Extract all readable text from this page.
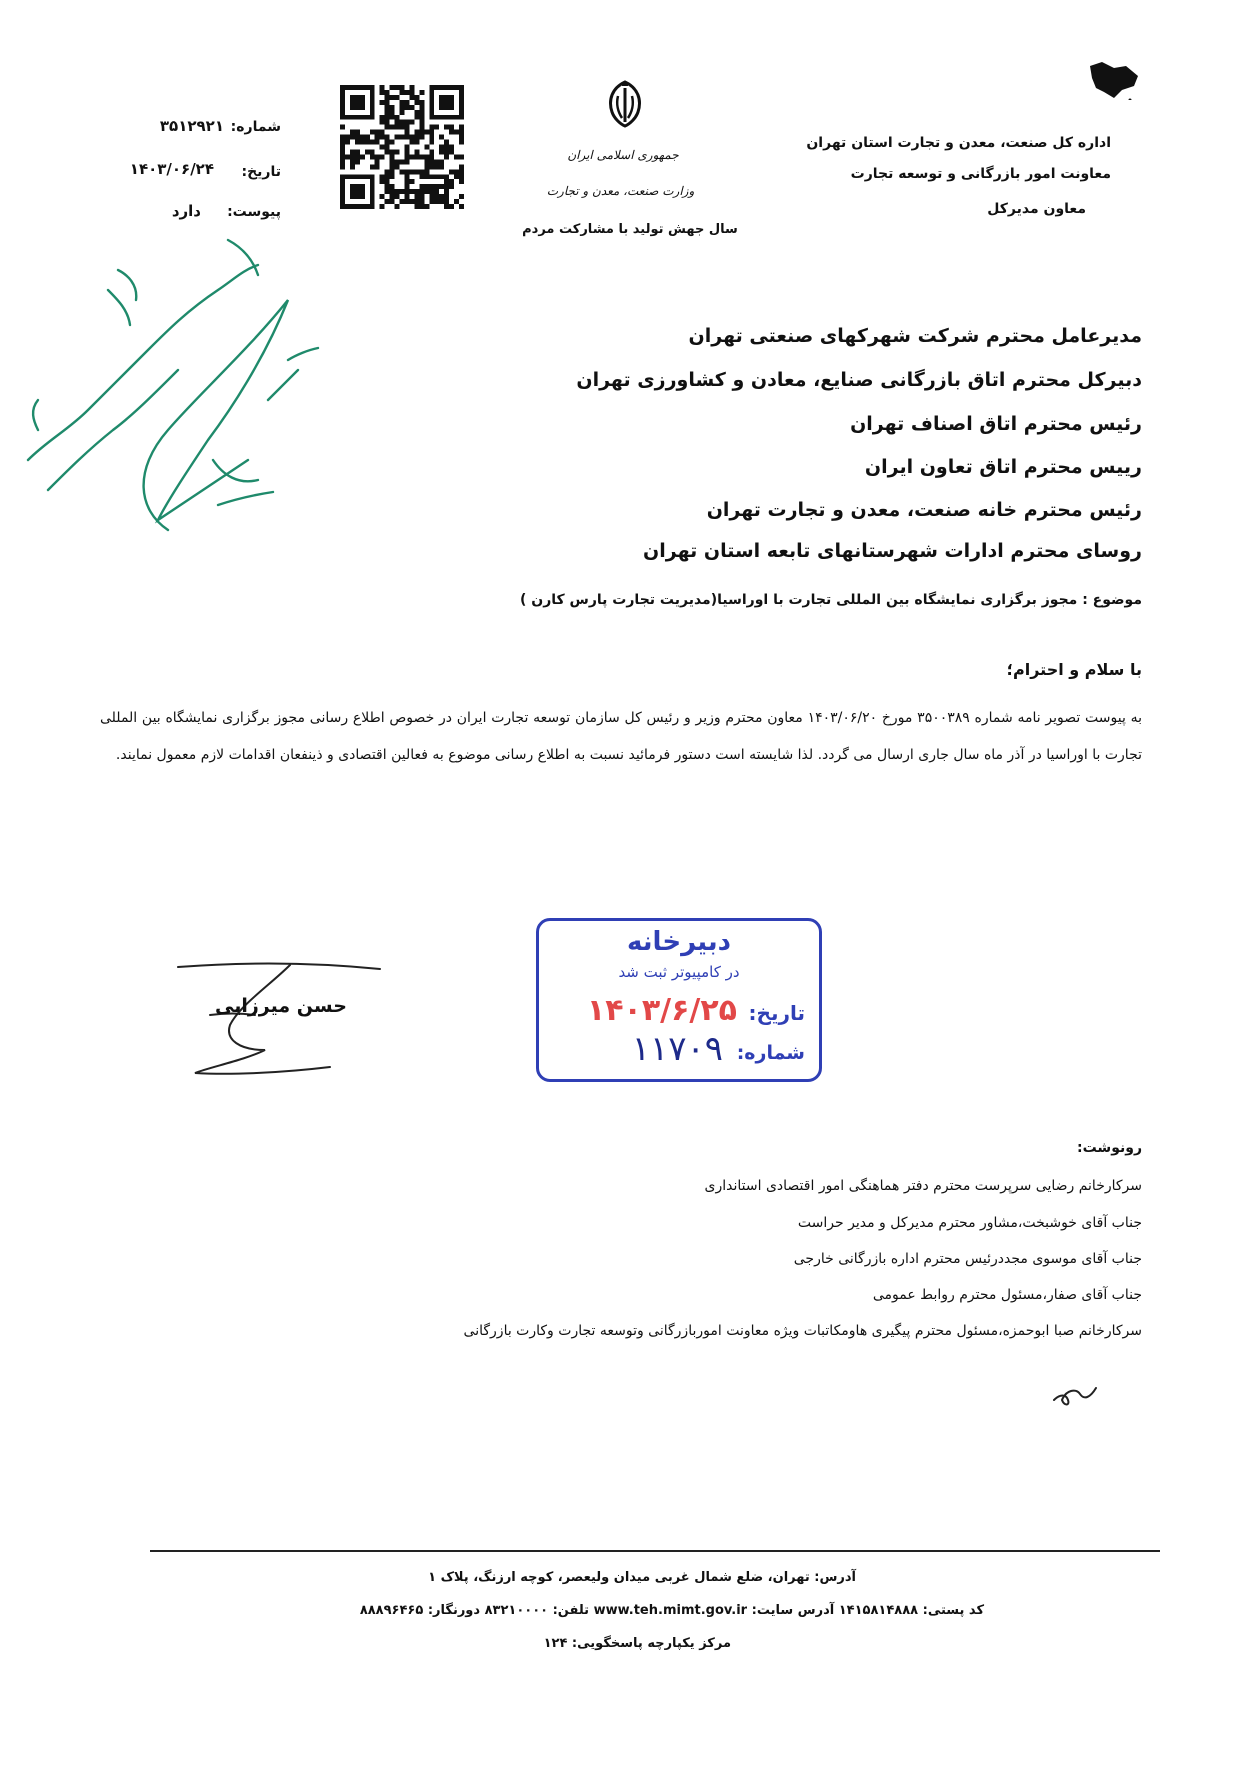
اداره کل صنعت، معدن و تجارت استان تهران
معاونت امور بازرگانی و توسعه تجارت
معاون مدیرکل
جمهوری اسلامی ایران
وزارت صنعت، معدن و تجارت
سال جهش تولید با مشارکت مردم
شماره:
۳۵۱۲۹۲۱
تاریخ:
۱۴۰۳/۰۶/۲۴
پیوست:
دارد
مدیرعامل محترم شرکت شهرکهای صنعتی تهران
دبیرکل محترم اتاق بازرگانی صنایع، معادن و کشاورزی تهران
رئیس محترم اتاق اصناف تهران
رییس محترم اتاق تعاون ایران
رئیس محترم خانه صنعت، معدن و تجارت تهران
روسای محترم ادارات شهرستانهای تابعه استان تهران
موضوع : مجوز برگزاری نمایشگاه بین المللی تجارت با اوراسیا(مدیریت تجارت پارس کارن )
با سلام و احترام؛
به پیوست تصویر نامه شماره ۳۵۰۰۳۸۹ مورخ ۱۴۰۳/۰۶/۲۰ معاون محترم وزیر و رئیس کل سازمان توسعه تجارت ایران در خصوص اطلاع رسانی مجوز برگزاری نمایشگاه بین المللی تجارت با اوراسیا در آذر ماه سال جاری ارسال می گردد. لذا شایسته است دستور فرمائید نسبت به اطلاع رسانی موضوع به فعالین اقتصادی و ذینفعان اقدامات لازم معمول نمایند.
دبیرخانه
در کامپیوتر ثبت شد
تاریخ:
۱۴۰۳/۶/۲۵
شماره:
۱۱۷۰۹
حسن میرزایی
رونوشت:
سرکارخانم رضایی سرپرست محترم دفتر هماهنگی امور اقتصادی استانداری
جناب آقای خوشبخت،مشاور محترم مدیرکل و مدیر حراست
جناب آقای موسوی مجددرئیس محترم اداره بازرگانی خارجی
جناب آقای صفار،مسئول محترم روابط عمومی
سرکارخانم صبا ابوحمزه،مسئول محترم پیگیری هاومکاتبات ویژه معاونت اموربازرگانی وتوسعه تجارت وکارت بازرگانی
آدرس: تهران، ضلع شمال غربی میدان ولیعصر، کوچه ارزنگ، پلاک ۱
کد پستی: ۱۴۱۵۸۱۴۸۸۸ آدرس سایت: www.teh.mimt.gov.ir تلفن: ۸۳۲۱۰۰۰۰ دورنگار: ۸۸۸۹۶۴۶۵
مرکز یکپارچه پاسخگویی: ۱۲۴
